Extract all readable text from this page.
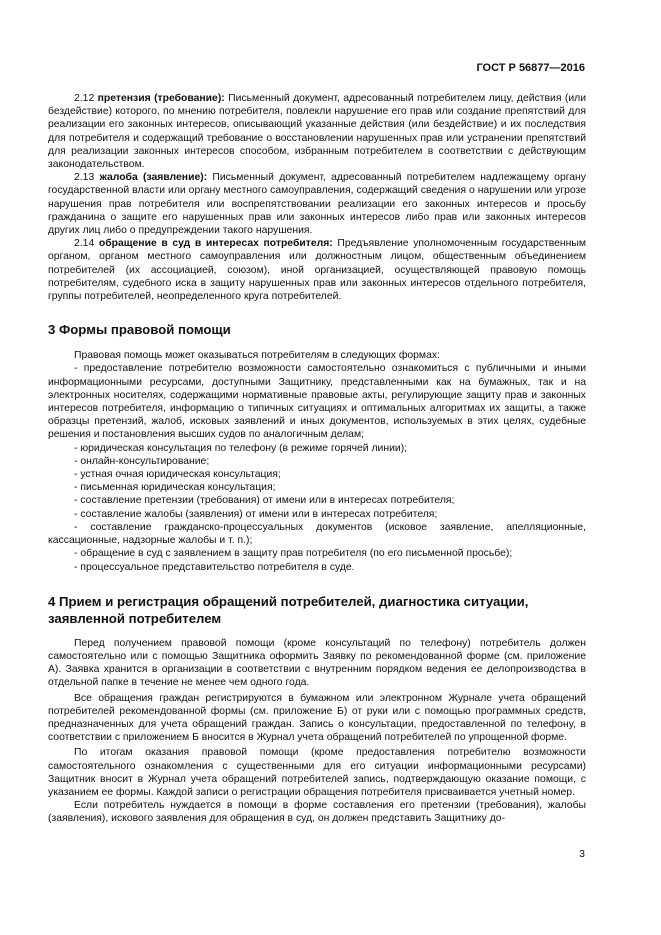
ГОСТ Р 56877—2016

2.12 претензия (требование): Письменный документ, адресованный потребителем лицу, действия (или бездействие) которого, по мнению потребителя, повлекли нарушение его прав или создание препятствий для реализации его законных интересов, описывающий указанные действия (или бездействие) и их последствия для потребителя и содержащий требование о восстановлении нарушенных прав или устранении препятствий для реализации законных интересов способом, избранным потребителем в соответствии с действующим законодательством.

2.13 жалоба (заявление): Письменный документ, адресованный потребителем надлежащему органу государственной власти или органу местного самоуправления, содержащий сведения о нарушении или угрозе нарушения прав потребителя или воспрепятствовании реализации его законных интересов и просьбу гражданина о защите его нарушенных прав или законных интересов либо прав или законных интересов других лиц либо о предупреждении такого нарушения.

2.14 обращение в суд в интересах потребителя: Предъявление уполномоченным государственным органом, органом местного самоуправления или должностным лицом, общественным объединением потребителей (их ассоциацией, союзом), иной организацией, осуществляющей правовую помощь потребителям, судебного иска в защиту нарушенных прав или законных интересов отдельного потребителя, группы потребителей, неопределенного круга потребителей.

3 Формы правовой помощи

Правовая помощь может оказываться потребителям в следующих формах:

- предоставление потребителю возможности самостоятельно ознакомиться с публичными и иными информационными ресурсами, доступными Защитнику, представленными как на бумажных, так и на электронных носителях, содержащими нормативные правовые акты, регулирующие защиту прав и законных интересов потребителя, информацию о типичных ситуациях и оптимальных алгоритмах их защиты, а также образцы претензий, жалоб, исковых заявлений и иных документов, используемых в этих целях, судебные решения и постановления высших судов по аналогичным делам;

- юридическая консультация по телефону (в режиме горячей линии);

- онлайн-консультирование;

- устная очная юридическая консультация;

- письменная юридическая консультация;

- составление претензии (требования) от имени или в интересах потребителя;

- составление жалобы (заявления) от имени или в интересах потребителя;

- составление гражданско-процессуальных документов (исковое заявление, апелляционные, кассационные, надзорные жалобы и т. п.);

- обращение в суд с заявлением в защиту прав потребителя (по его письменной просьбе);

- процессуальное представительство потребителя в суде.

4 Прием и регистрация обращений потребителей, диагностика ситуации, заявленной потребителем

Перед получением правовой помощи (кроме консультаций по телефону) потребитель должен самостоятельно или с помощью Защитника оформить Заявку по рекомендованной форме (см. приложение А). Заявка хранится в организации в соответствии с внутренним порядком ведения ее делопроизводства в отдельной папке в течение не менее чем одного года.

Все обращения граждан регистрируются в бумажном или электронном Журнале учета обращений потребителей рекомендованной формы (см. приложение Б) от руки или с помощью программных средств, предназначенных для учета обращений граждан. Запись о консультации, предоставленной по телефону, в соответствии с приложением Б вносится в Журнал учета обращений потребителей по упрощенной форме.

По итогам оказания правовой помощи (кроме предоставления потребителю возможности самостоятельного ознакомления с существенными для его ситуации информационными ресурсами) Защитник вносит в Журнал учета обращений потребителей запись, подтверждающую оказание помощи, с указанием ее формы. Каждой записи о регистрации обращения потребителя присваивается учетный номер.

Если потребитель нуждается в помощи в форме составления его претензии (требования), жалобы (заявления), искового заявления для обращения в суд, он должен представить Защитнику до-

3
